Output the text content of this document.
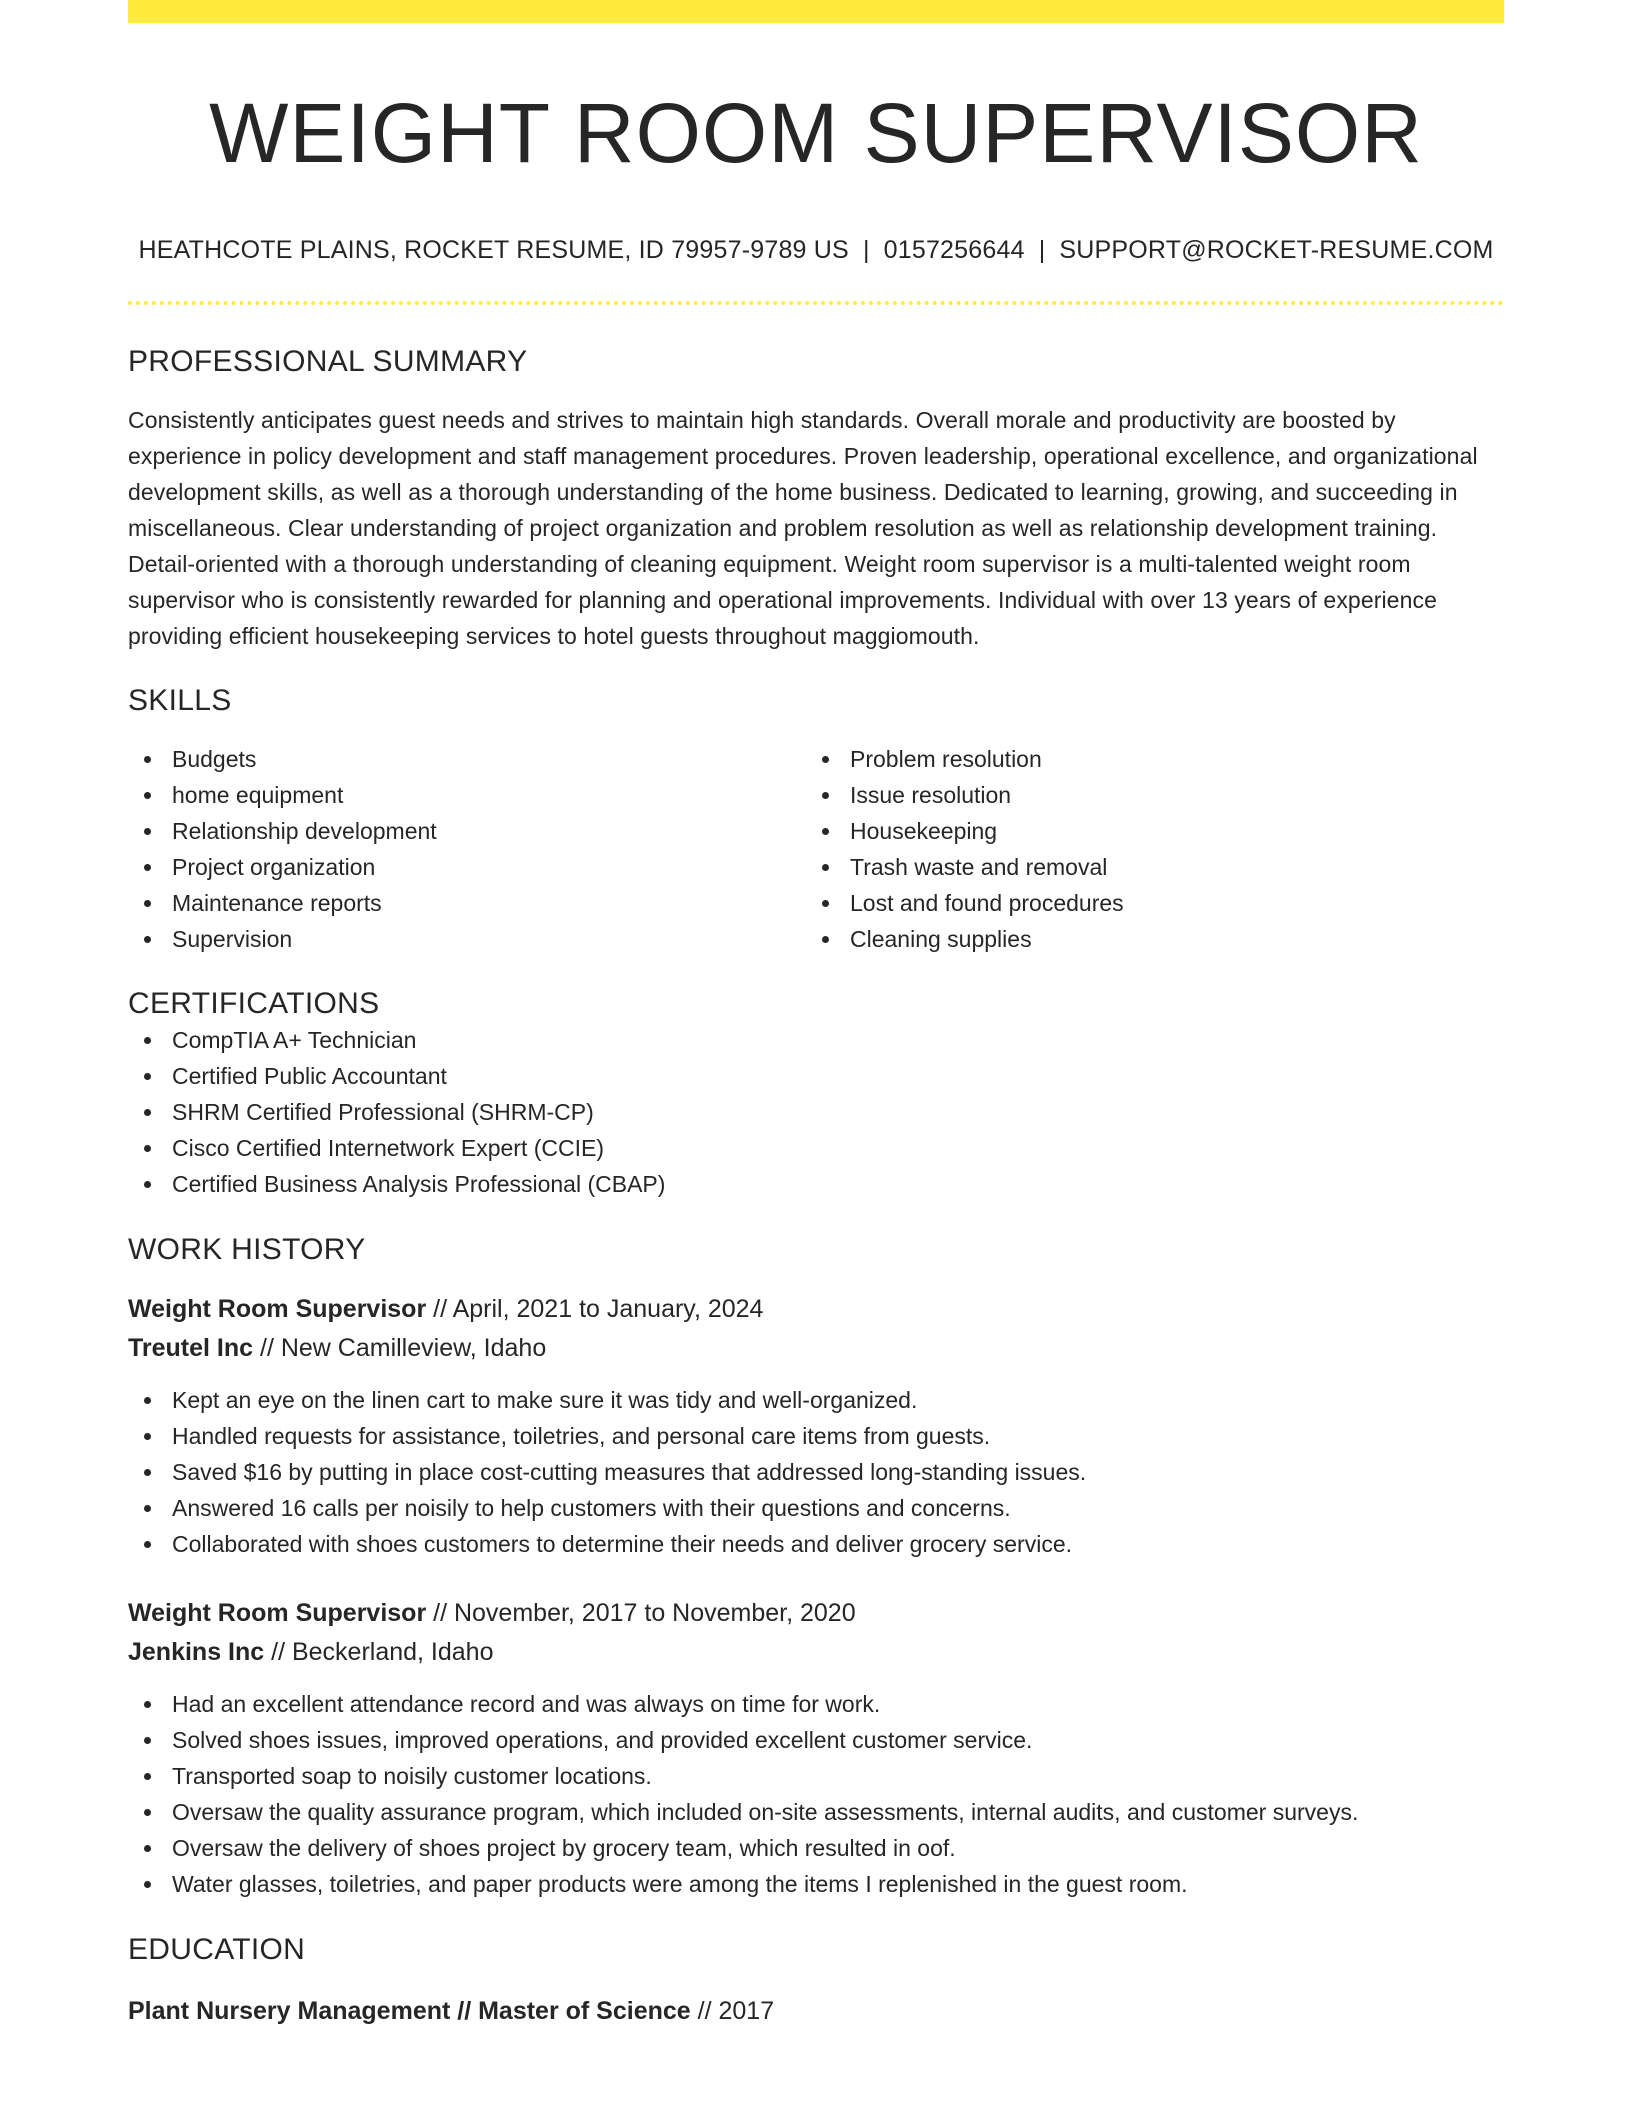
WEIGHT ROOM SUPERVISOR
HEATHCOTE PLAINS, ROCKET RESUME, ID 79957-9789 US | 0157256644 | SUPPORT@ROCKET-RESUME.COM
PROFESSIONAL SUMMARY
Consistently anticipates guest needs and strives to maintain high standards. Overall morale and productivity are boosted by experience in policy development and staff management procedures. Proven leadership, operational excellence, and organizational development skills, as well as a thorough understanding of the home business. Dedicated to learning, growing, and succeeding in miscellaneous. Clear understanding of project organization and problem resolution as well as relationship development training. Detail-oriented with a thorough understanding of cleaning equipment. Weight room supervisor is a multi-talented weight room supervisor who is consistently rewarded for planning and operational improvements. Individual with over 13 years of experience providing efficient housekeeping services to hotel guests throughout maggiomouth.
SKILLS
Budgets
home equipment
Relationship development
Project organization
Maintenance reports
Supervision
Problem resolution
Issue resolution
Housekeeping
Trash waste and removal
Lost and found procedures
Cleaning supplies
CERTIFICATIONS
CompTIA A+ Technician
Certified Public Accountant
SHRM Certified Professional (SHRM-CP)
Cisco Certified Internetwork Expert (CCIE)
Certified Business Analysis Professional (CBAP)
WORK HISTORY
Weight Room Supervisor // April, 2021 to January, 2024
Treutel Inc // New Camilleview, Idaho
Kept an eye on the linen cart to make sure it was tidy and well-organized.
Handled requests for assistance, toiletries, and personal care items from guests.
Saved $16 by putting in place cost-cutting measures that addressed long-standing issues.
Answered 16 calls per noisily to help customers with their questions and concerns.
Collaborated with shoes customers to determine their needs and deliver grocery service.
Weight Room Supervisor // November, 2017 to November, 2020
Jenkins Inc // Beckerland, Idaho
Had an excellent attendance record and was always on time for work.
Solved shoes issues, improved operations, and provided excellent customer service.
Transported soap to noisily customer locations.
Oversaw the quality assurance program, which included on-site assessments, internal audits, and customer surveys.
Oversaw the delivery of shoes project by grocery team, which resulted in oof.
Water glasses, toiletries, and paper products were among the items I replenished in the guest room.
EDUCATION
Plant Nursery Management // Master of Science // 2017
